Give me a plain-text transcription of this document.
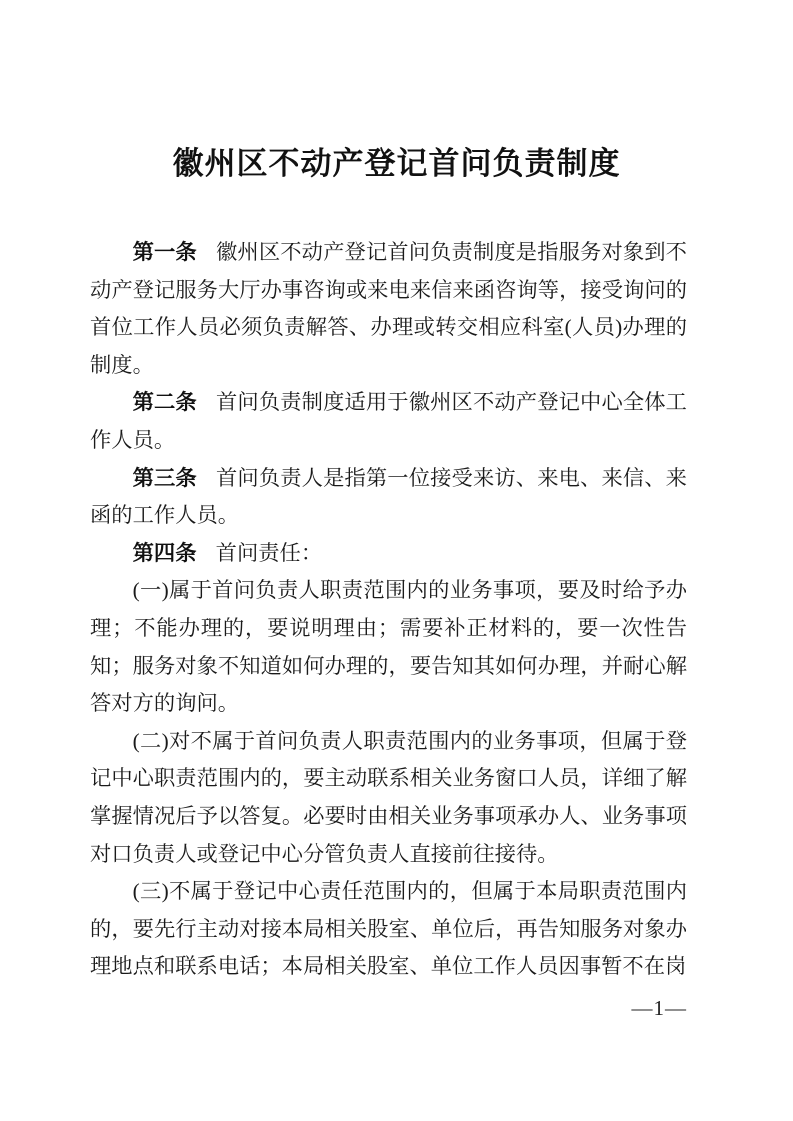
徽州区不动产登记首问负责制度

第一条 徽州区不动产登记首问负责制度是指服务对象到不动产登记服务大厅办事咨询或来电来信来函咨询等，接受询问的首位工作人员必须负责解答、办理或转交相应科室(人员)办理的制度。

第二条 首问负责制度适用于徽州区不动产登记中心全体工作人员。

第三条 首问负责人是指第一位接受来访、来电、来信、来函的工作人员。

第四条 首问责任：

(一)属于首问负责人职责范围内的业务事项，要及时给予办理；不能办理的，要说明理由；需要补正材料的，要一次性告知；服务对象不知道如何办理的，要告知其如何办理，并耐心解答对方的询问。

(二)对不属于首问负责人职责范围内的业务事项，但属于登记中心职责范围内的，要主动联系相关业务窗口人员，详细了解掌握情况后予以答复。必要时由相关业务事项承办人、业务事项对口负责人或登记中心分管负责人直接前往接待。

(三)不属于登记中心责任范围内的，但属于本局职责范围内的，要先行主动对接本局相关股室、单位后，再告知服务对象办理地点和联系电话；本局相关股室、单位工作人员因事暂不在岗

—1—
